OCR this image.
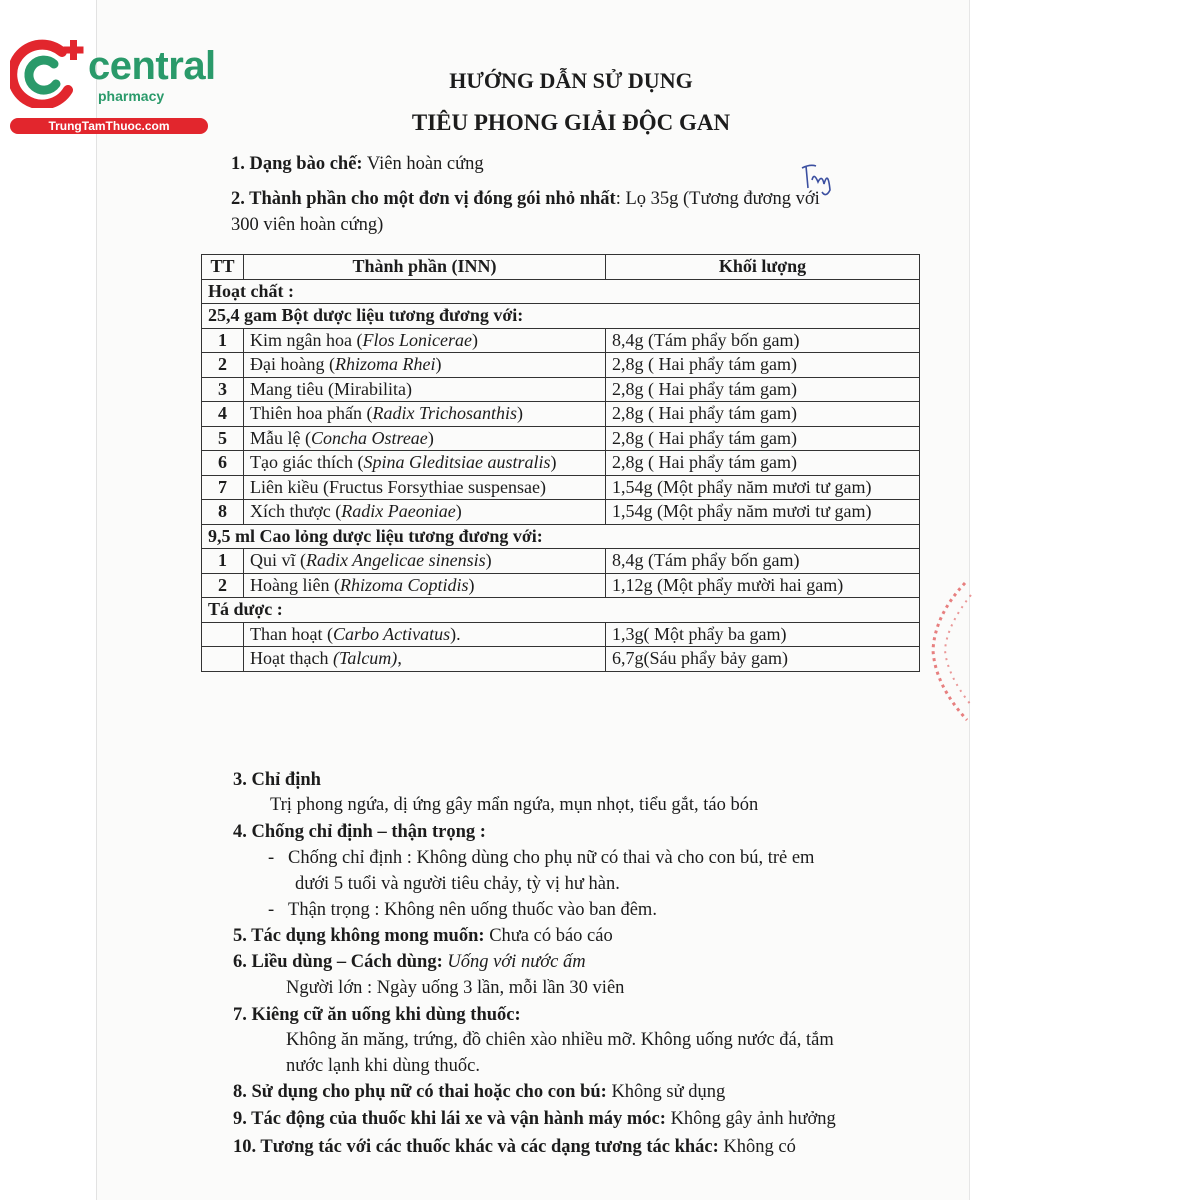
central
pharmacy
TrungTamThuoc.com
HƯỚNG DẪN SỬ DỤNG
TIÊU PHONG GIẢI ĐỘC GAN
1. Dạng bào chế: Viên hoàn cứng
2. Thành phần cho một đơn vị đóng gói nhỏ nhất: Lọ 35g (Tương đương với
300 viên hoàn cứng)
TT	Thành phần (INN)	Khối lượng
Hoạt chất :		
25,4 gam Bột dược liệu tương đương với:		
1	Kim ngân hoa (Flos Lonicerae)	8,4g (Tám phẩy bốn gam)
2	Đại hoàng (Rhizoma Rhei)	2,8g ( Hai phẩy tám gam)
3	Mang tiêu (Mirabilita)	2,8g ( Hai phẩy tám gam)
4	Thiên hoa phấn (Radix Trichosanthis)	2,8g ( Hai phẩy tám gam)
5	Mẫu lệ (Concha Ostreae)	2,8g ( Hai phẩy tám gam)
6	Tạo giác thích (Spina Gleditsiae australis)	2,8g ( Hai phẩy tám gam)
7	Liên kiều (Fructus Forsythiae suspensae)	1,54g (Một phẩy năm mươi tư gam)
8	Xích thược (Radix Paeoniae)	1,54g (Một phẩy năm mươi tư gam)
9,5 ml Cao lỏng dược liệu tương đương với:		
1	Qui vĩ (Radix Angelicae sinensis)	8,4g (Tám phẩy bốn gam)
2	Hoàng liên (Rhizoma Coptidis)	1,12g (Một phẩy mười hai gam)
Tá dược :		
	Than hoạt (Carbo Activatus).	1,3g( Một phẩy ba gam)
	Hoạt thạch (Talcum),	6,7g(Sáu phẩy bảy gam)
3. Chỉ định
Trị phong ngứa, dị ứng gây mẩn ngứa, mụn nhọt, tiểu gắt, táo bón
4. Chống chỉ định – thận trọng :
-   Chống chỉ định : Không dùng cho phụ nữ có thai và cho con bú, trẻ em
dưới 5 tuổi và người tiêu chảy, tỳ vị hư hàn.
-   Thận trọng : Không nên uống thuốc vào ban đêm.
5. Tác dụng không mong muốn: Chưa có báo cáo
6. Liều dùng – Cách dùng: Uống với nước ấm
Người lớn : Ngày uống 3 lần, mỗi lần 30 viên
7. Kiêng cữ ăn uống khi dùng thuốc:
Không ăn măng, trứng, đồ chiên xào nhiều mỡ. Không uống nước đá, tắm
nước lạnh khi dùng thuốc.
8. Sử dụng cho phụ nữ có thai hoặc cho con bú: Không sử dụng
9. Tác động của thuốc khi lái xe và vận hành máy móc: Không gây ảnh hưởng
10. Tương tác với các thuốc khác và các dạng tương tác khác: Không có
